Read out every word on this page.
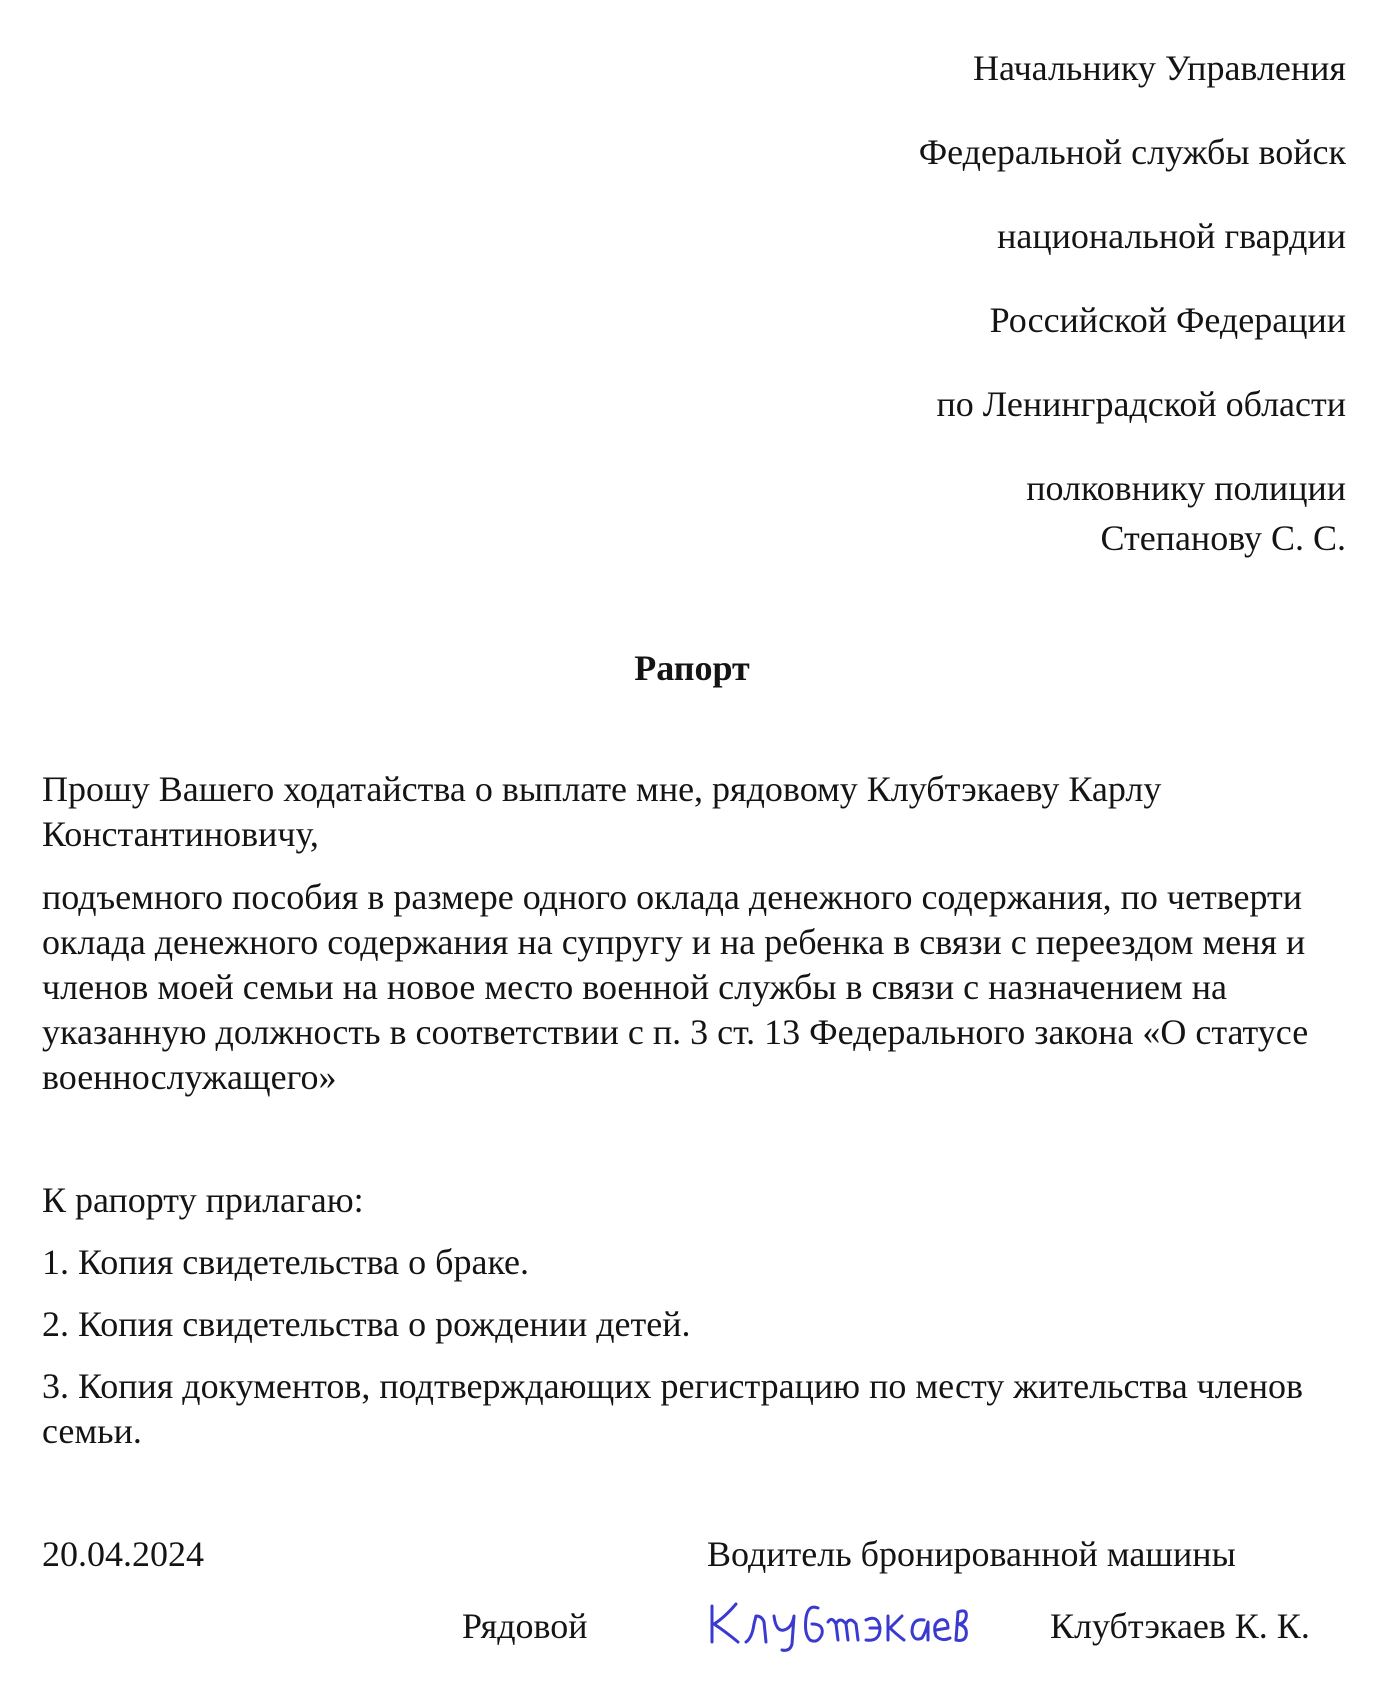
Начальнику Управления
Федеральной службы войск
национальной гвардии
Российской Федерации
по Ленинградской области
полковнику полиции
Степанову С. С.
Рапорт

Прошу Вашего ходатайства о выплате мне, рядовому Клубтэкаеву Карлу Константиновичу,

подъемного пособия в размере одного оклада денежного содержания, по четверти оклада денежного содержания на супругу и на ребенка в связи с переездом меня и членов моей семьи на новое место военной службы в связи с назначением на указанную должность в соответствии с п. 3 ст. 13 Федерального закона «О статусе военнослужащего»

К рапорту прилагаю:
1. Копия свидетельства о браке.
2. Копия свидетельства о рождении детей.
3. Копия документов, подтверждающих регистрацию по месту жительства членов семьи.
20.04.2024	Водитель бронированной машины
Рядовой	Клубтэкаев К. К.
